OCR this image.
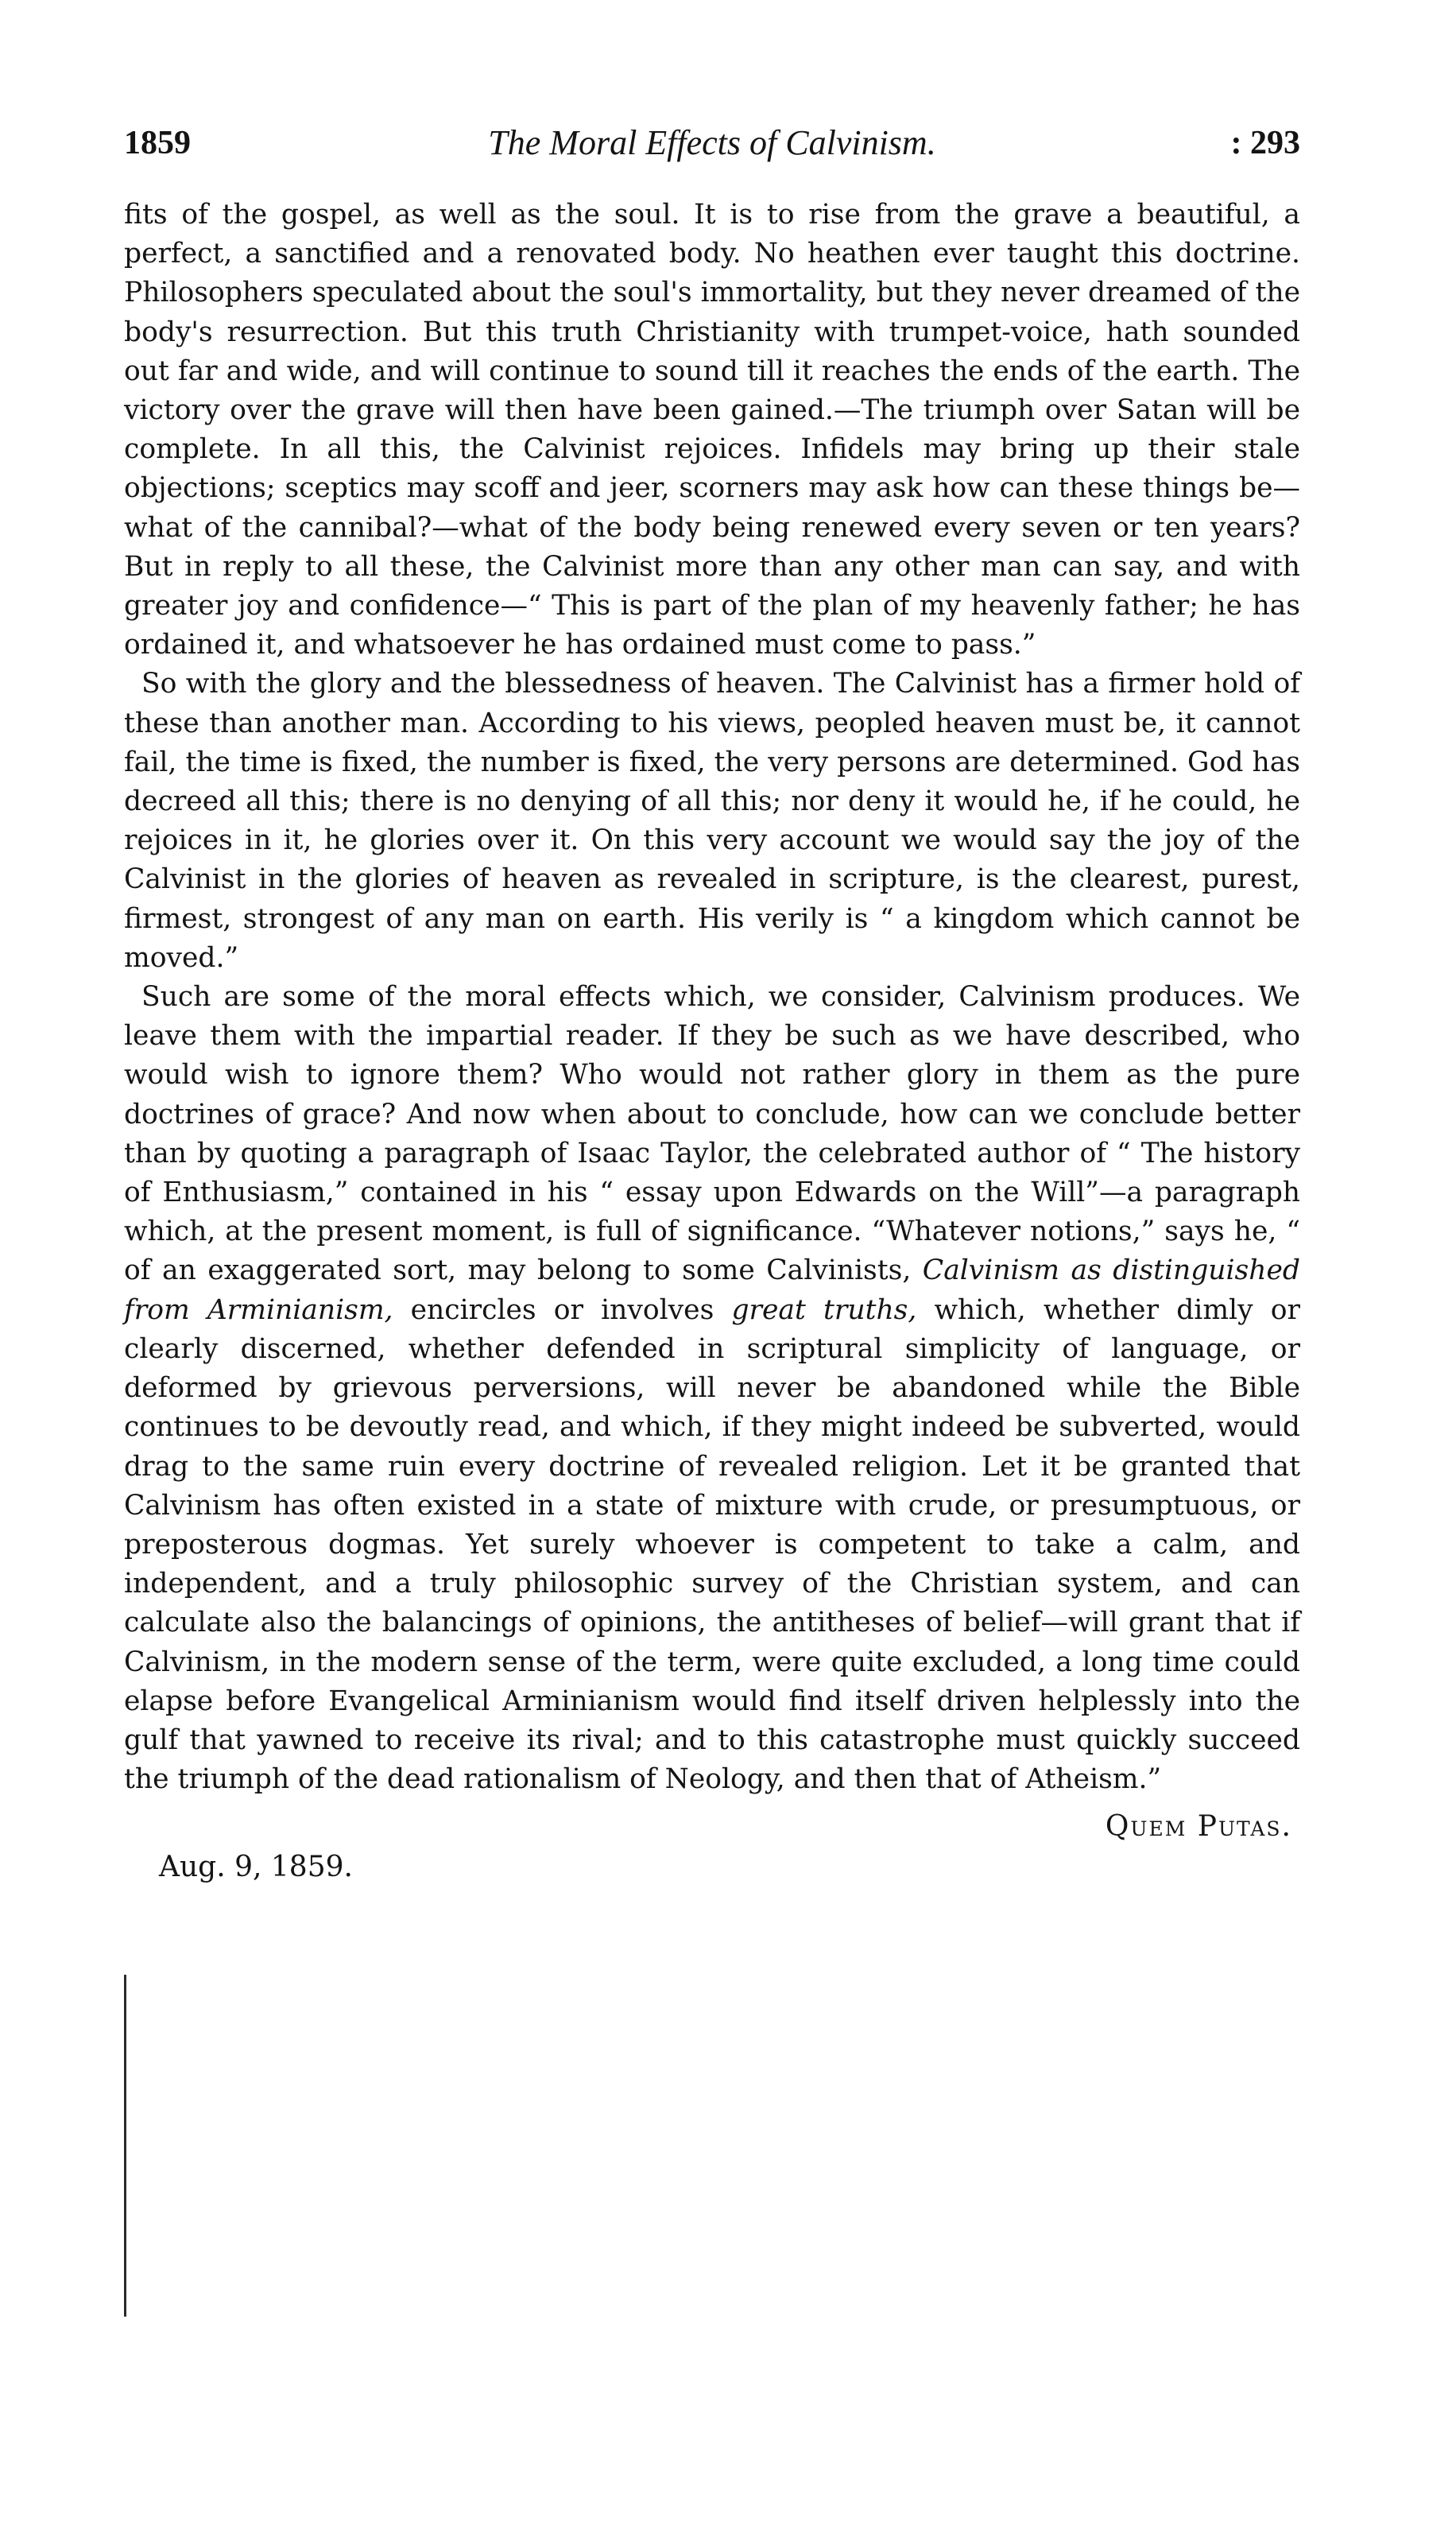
1859	The Moral Effects of Calvinism.	: 293

fits of the gospel, as well as the soul. It is to rise from the grave a beautiful, a perfect, a sanctified and a renovated body. No heathen ever taught this doctrine. Philosophers speculated about the soul's immortality, but they never dreamed of the body's resurrection. But this truth Christianity with trumpet-voice, hath sounded out far and wide, and will continue to sound till it reaches the ends of the earth. The victory over the grave will then have been gained.—The triumph over Satan will be complete. In all this, the Calvinist rejoices. Infidels may bring up their stale objections; sceptics may scoff and jeer, scorners may ask how can these things be—what of the cannibal?—what of the body being renewed every seven or ten years? But in reply to all these, the Calvinist more than any other man can say, and with greater joy and confidence—“ This is part of the plan of my heavenly father; he has ordained it, and whatsoever he has ordained must come to pass.”

So with the glory and the blessedness of heaven. The Calvinist has a firmer hold of these than another man. According to his views, peopled heaven must be, it cannot fail, the time is fixed, the number is fixed, the very persons are determined. God has decreed all this; there is no denying of all this; nor deny it would he, if he could, he rejoices in it, he glories over it. On this very account we would say the joy of the Calvinist in the glories of heaven as revealed in scripture, is the clearest, purest, firmest, strongest of any man on earth. His verily is “ a kingdom which cannot be moved.”

Such are some of the moral effects which, we consider, Calvinism produces. We leave them with the impartial reader. If they be such as we have described, who would wish to ignore them? Who would not rather glory in them as the pure doctrines of grace? And now when about to conclude, how can we conclude better than by quoting a paragraph of Isaac Taylor, the celebrated author of “ The history of Enthusiasm,” contained in his “ essay upon Edwards on the Will”—a paragraph which, at the present moment, is full of significance. “Whatever notions,” says he, “ of an exaggerated sort, may belong to some Calvinists, Calvinism as distinguished from Arminianism, encircles or involves great truths, which, whether dimly or clearly discerned, whether defended in scriptural simplicity of language, or deformed by grievous perversions, will never be abandoned while the Bible continues to be devoutly read, and which, if they might indeed be subverted, would drag to the same ruin every doctrine of revealed religion. Let it be granted that Calvinism has often existed in a state of mixture with crude, or presumptuous, or preposterous dogmas. Yet surely whoever is competent to take a calm, and independent, and a truly philosophic survey of the Christian system, and can calculate also the balancings of opinions, the antitheses of belief—will grant that if Calvinism, in the modern sense of the term, were quite excluded, a long time could elapse before Evangelical Arminianism would find itself driven helplessly into the gulf that yawned to receive its rival; and to this catastrophe must quickly succeed the triumph of the dead rationalism of Neology, and then that of Atheism.”

Quem Putas.
Aug. 9, 1859.
